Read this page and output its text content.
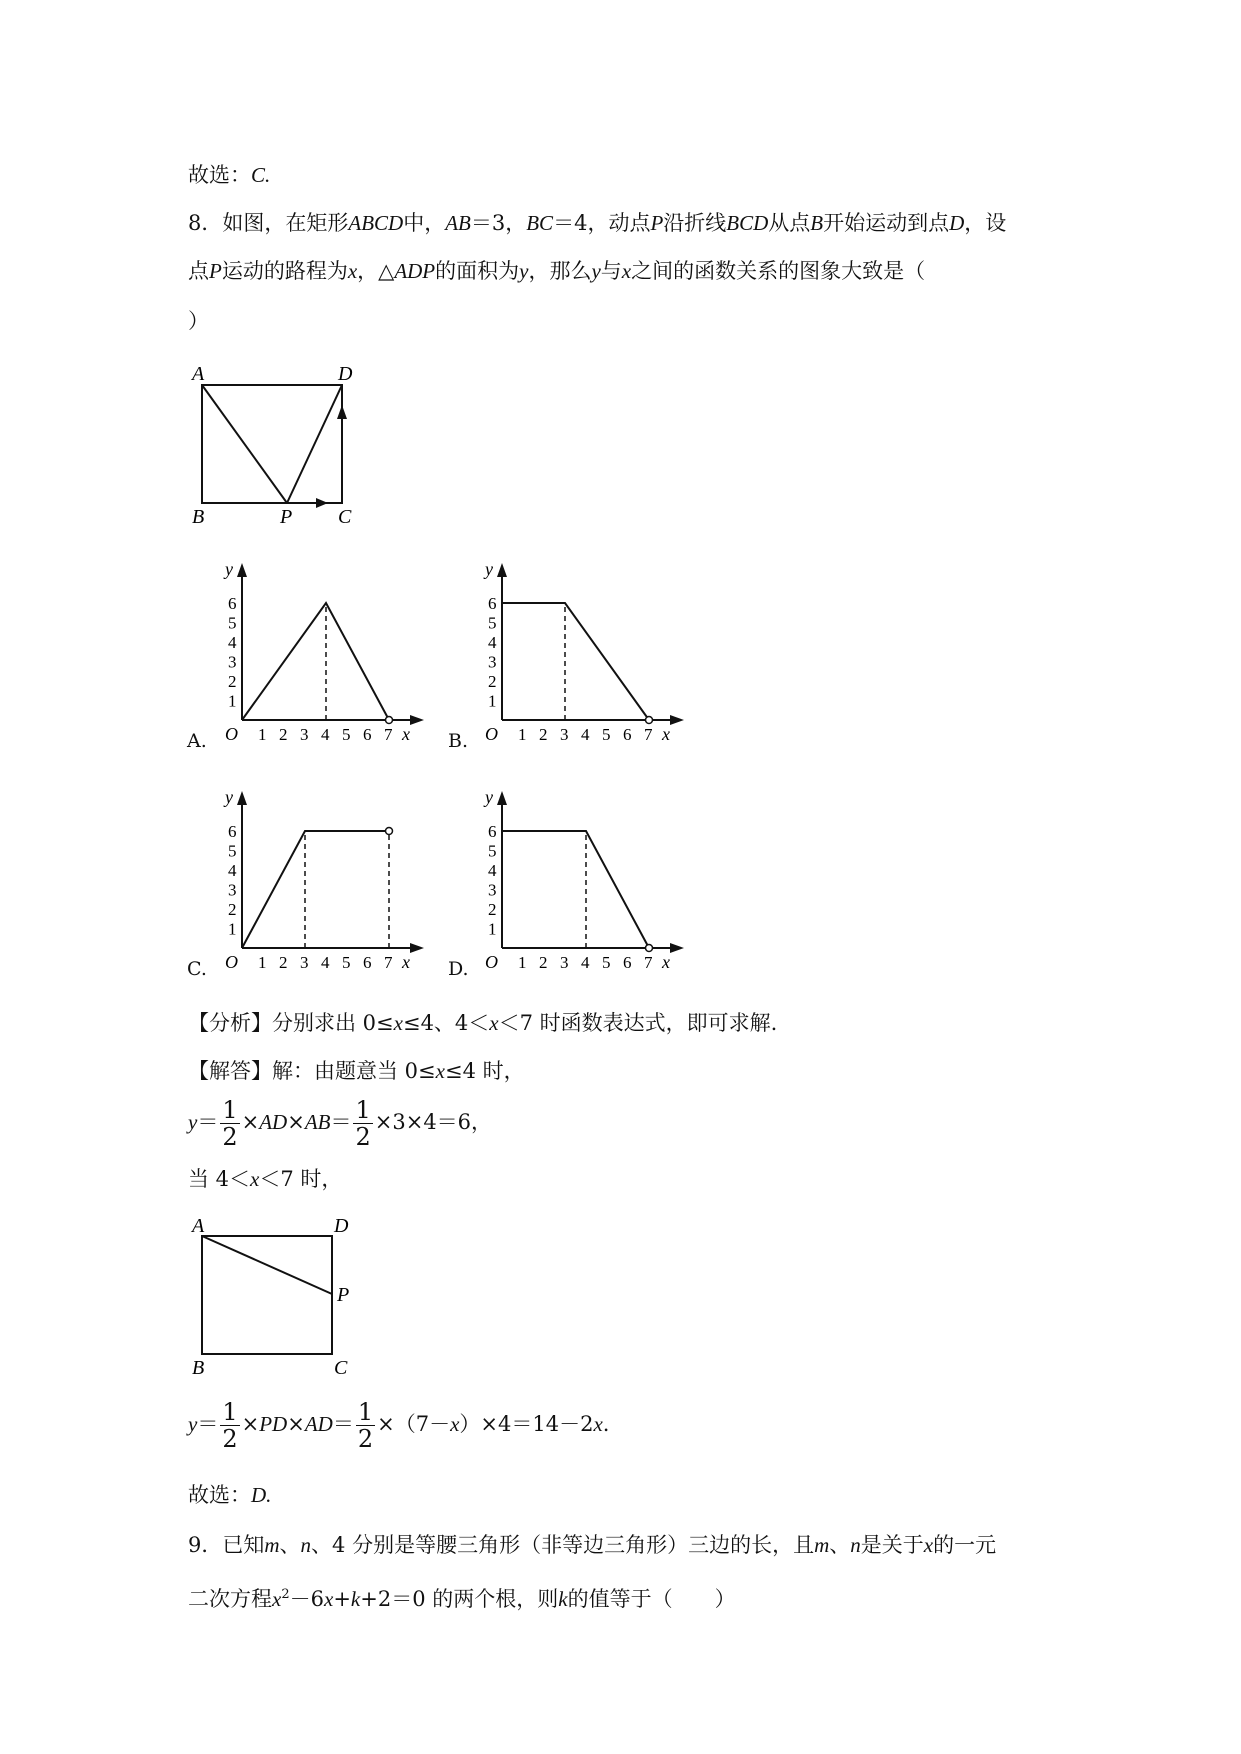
故选：C.
8．如图，在矩形ABCD中，AB＝3，BC＝4，动点P沿折线BCD从点B开始运动到点D，设
点P运动的路程为x，△ADP的面积为y，那么y与x之间的函数关系的图象大致是（
）
A	D
B	P C
x
y
O 1 2 3 4 5 6 7
1
2
3
4
5
6
x
y
O 1 2 3 4 5 6 7
1
2
3
4
5
6
x
y
O 1 2 3 4 5 6 7
1
2
3
4
5
6
x
y
O 1 2 3 4 5 6 7
1
2
3
4
5
6
A.	B.
C.	D.
【分析】分别求出 0≤x≤4、4＜x＜7 时函数表达式，即可求解.
【解答】解：由题意当 0≤x≤4 时，
$y= \frac{1}{2} \times AD\times AB= \frac{1}{2} \times 3\times 4=6$，
当 4＜x＜7 时，
A	D
P
B	C
$y= \frac{1}{2} \times PD\times AD= \frac{1}{2} \times(7-x)\times 4=14-2x$.
故选：D.
9．已知m、n、4 分别是等腰三角形（非等边三角形）三边的长，且m、n是关于x的一元
二次方程$x^2-6x+k+2=0$ 的两个根，则k的值等于（　　）
